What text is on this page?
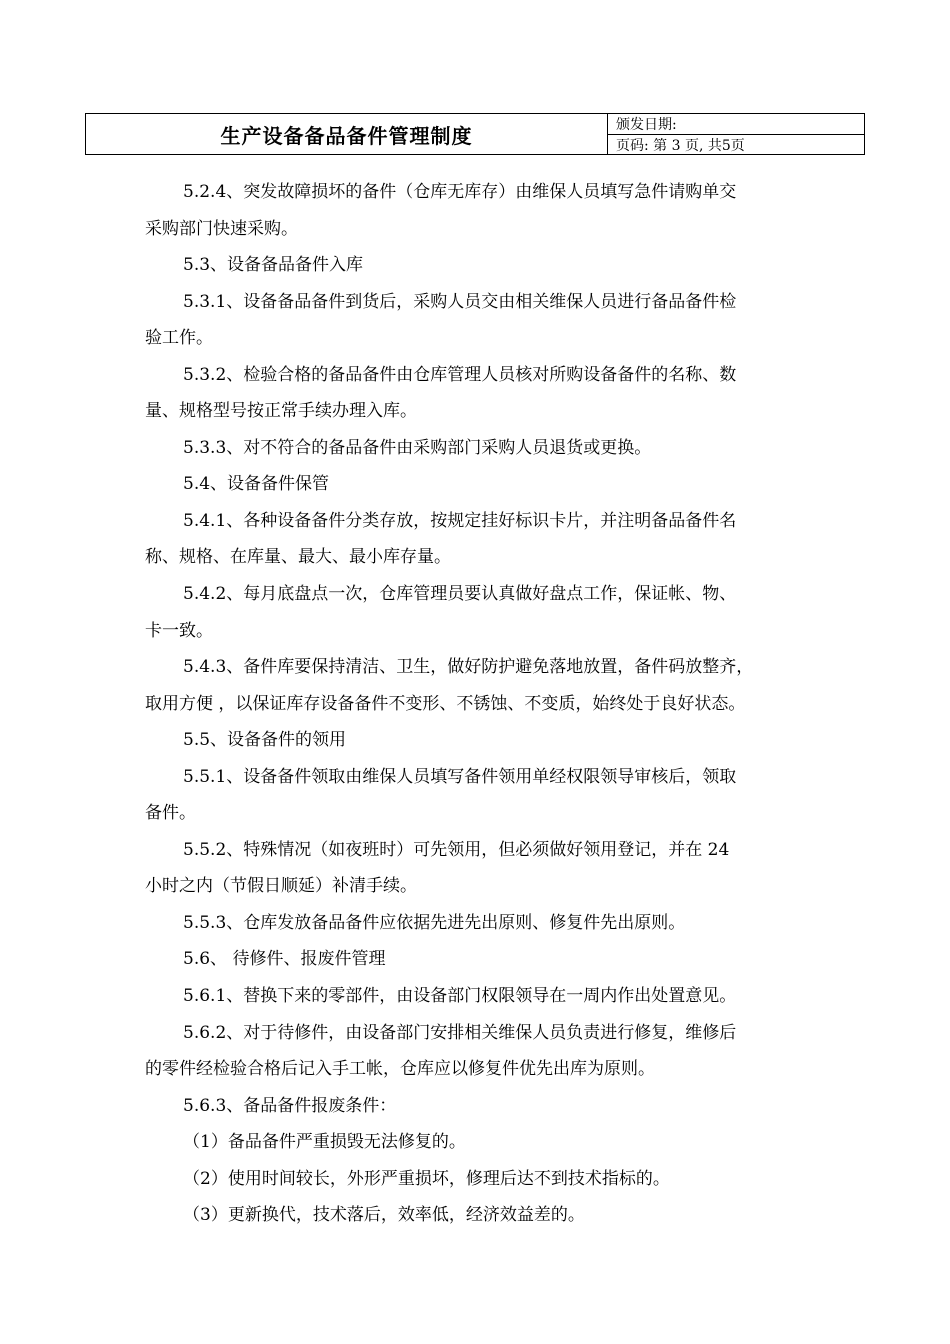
生产设备备品备件管理制度	颁发日期:
页码: 第 3 页, 共5页
5.2.4、突发故障损坏的备件（仓库无库存）由维保人员填写急件请购单交
采购部门快速采购。
5.3、设备备品备件入库
5.3.1、设备备品备件到货后，采购人员交由相关维保人员进行备品备件检
验工作。
5.3.2、检验合格的备品备件由仓库管理人员核对所购设备备件的名称、数
量、规格型号按正常手续办理入库。
5.3.3、对不符合的备品备件由采购部门采购人员退货或更换。
5.4、设备备件保管
5.4.1、各种设备备件分类存放，按规定挂好标识卡片，并注明备品备件名
称、规格、在库量、最大、最小库存量。
5.4.2、每月底盘点一次，仓库管理员要认真做好盘点工作，保证帐、物、
卡一致。
5.4.3、备件库要保持清洁、卫生，做好防护避免落地放置，备件码放整齐，
取用方便 ，以保证库存设备备件不变形、不锈蚀、不变质，始终处于良好状态。
5.5、设备备件的领用
5.5.1、设备备件领取由维保人员填写备件领用单经权限领导审核后，领取
备件。
5.5.2、特殊情况（如夜班时）可先领用，但必须做好领用登记，并在 24
小时之内（节假日顺延）补清手续。
5.5.3、仓库发放备品备件应依据先进先出原则、修复件先出原则。
5.6、 待修件、报废件管理
5.6.1、替换下来的零部件，由设备部门权限领导在一周内作出处置意见。
5.6.2、对于待修件，由设备部门安排相关维保人员负责进行修复，维修后
的零件经检验合格后记入手工帐，仓库应以修复件优先出库为原则。
5.6.3、备品备件报废条件：
（1）备品备件严重损毁无法修复的。
（2）使用时间较长，外形严重损坏，修理后达不到技术指标的。
（3）更新换代，技术落后，效率低，经济效益差的。
